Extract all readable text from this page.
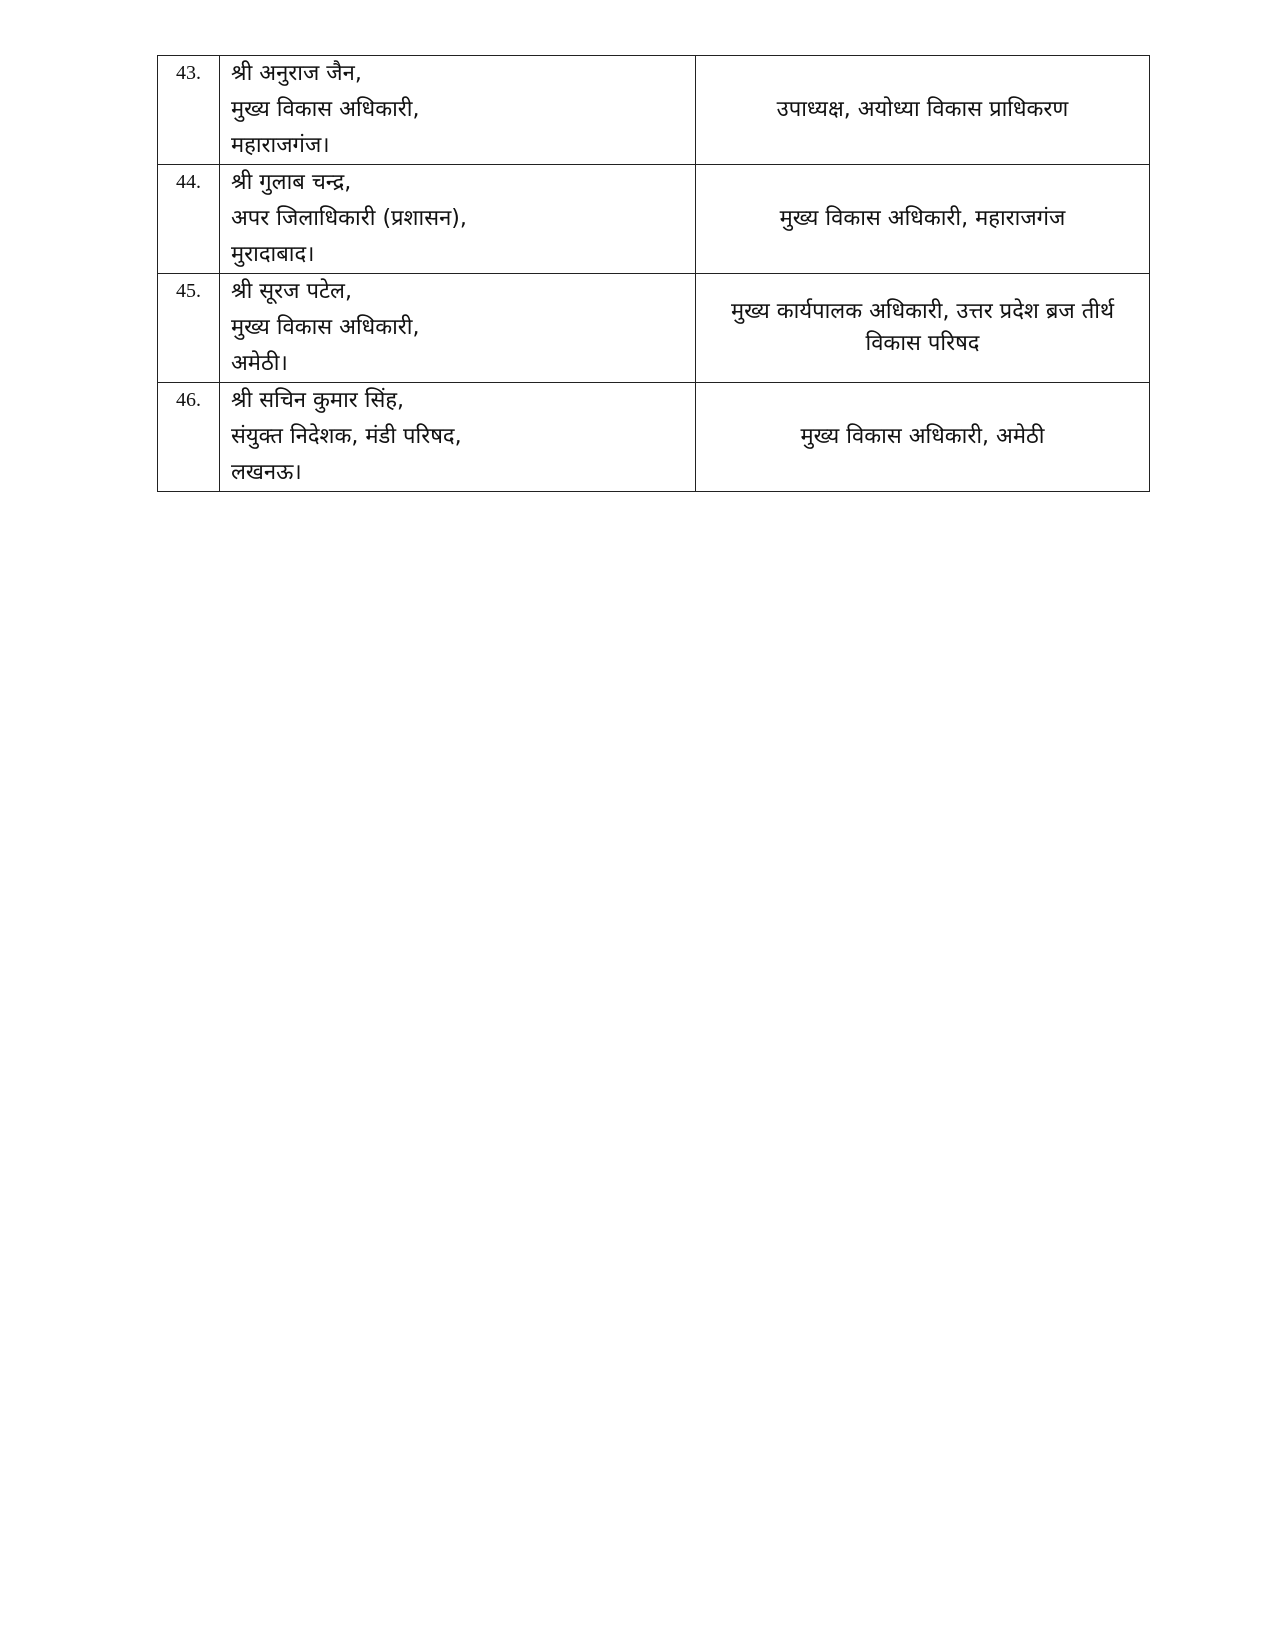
43.	श्री अनुराज जैन,
मुख्य विकास अधिकारी,
महाराजगंज।	उपाध्यक्ष, अयोध्या विकास प्राधिकरण
44.	श्री गुलाब चन्द्र,
अपर जिलाधिकारी (प्रशासन),
मुरादाबाद।	मुख्य विकास अधिकारी, महाराजगंज
45.	श्री सूरज पटेल,
मुख्य विकास अधिकारी,
अमेठी।	मुख्य कार्यपालक अधिकारी, उत्तर प्रदेश ब्रज तीर्थ विकास परिषद
46.	श्री सचिन कुमार सिंह,
संयुक्त निदेशक, मंडी परिषद,
लखनऊ।	मुख्य विकास अधिकारी, अमेठी
